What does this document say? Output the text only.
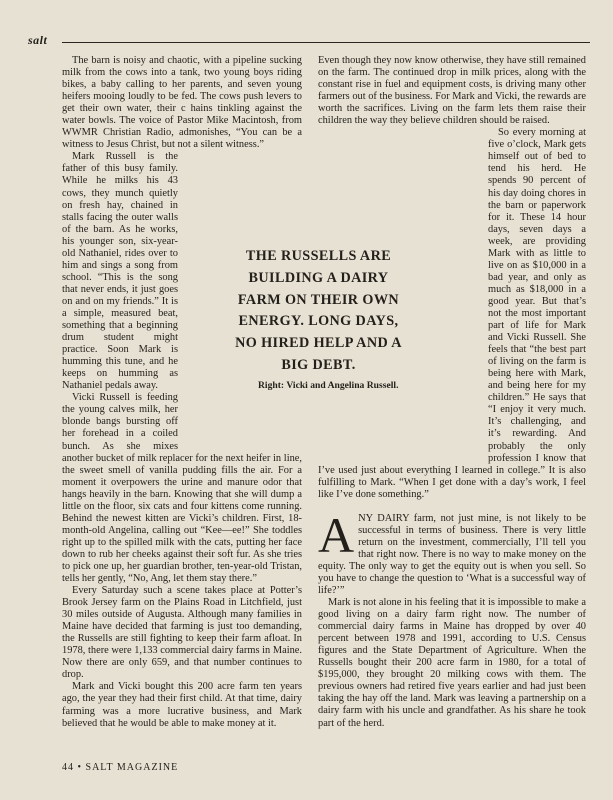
salt

The barn is noisy and chaotic, with a pipeline sucking milk from the cows into a tank, two young boys riding bikes, a baby calling to her parents, and seven young heifers mooing loudly to be fed. The cows push levers to get their own water, their c hains tinkling against the water bowls. The voice of Pastor Mike Macintosh, from WWMR Christian Radio, admonishes, “You can be a witness to Jesus Christ, but not a silent witness.”

Mark Russell is the father of this busy family. While he milks his 43 cows, they munch quietly on fresh hay, chained in stalls facing the outer walls of the barn. As he works, his younger son, six-year-old Nathaniel, rides over to him and sings a song from school. “This is the song that never ends, it just goes on and on my friends.” It is a simple, measured beat, something that a beginning drum student might practice. Soon Mark is humming this tune, and he keeps on humming as Nathaniel pedals away.

Vicki Russell is feeding the young calves milk, her blonde bangs bursting off her forehead in a coiled bunch. As she mixes another bucket of milk replacer for the next heifer in line, the sweet smell of vanilla pudding fills the air. For a moment it overpowers the urine and manure odor that hangs heavily in the barn. Knowing that she will dump a little on the floor, six cats and four kittens come running. Behind the newest kitten are Vicki’s children. First, 18-month-old Angelina, calling out “Kee—ee!” She toddles right up to the spilled milk with the cats, putting her face down to rub her cheeks against their soft fur. As she tries to pick one up, her guardian brother, ten-year-old Tristan, tells her gently, “No, Ang, let them stay there.”

Every Saturday such a scene takes place at Potter’s Brook Jersey farm on the Plains Road in Litchfield, just 30 miles outside of Augusta. Although many families in Maine have decided that farming is just too demanding, the Russells are still fighting to keep their farm afloat. In 1978, there were 1,133 commercial dairy farms in Maine. Now there are only 659, and that number continues to drop.

Mark and Vicki bought this 200 acre farm ten years ago, the year they had their first child. At that time, dairy farming was a more lucrative business, and Mark believed that he would be able to make money at it.

Even though they now know otherwise, they have still remained on the farm. The continued drop in milk prices, along with the constant rise in fuel and equipment costs, is driving many other farmers out of the business. For Mark and Vicki, the rewards are worth the sacrifices. Living on the farm lets them raise their children the way they believe children should be raised.

So every morning at five o’clock, Mark gets himself out of bed to tend his herd. He spends 90 percent of his day doing chores in the barn or paperwork for it. These 14 hour days, seven days a week, are providing Mark with as little to live on as $10,000 in a bad year, and only as much as $18,000 in a good year. But that’s not the most important part of life for Mark and Vicki Russell. She feels that “the best part of living on the farm is being here with Mark, and being here for my children.” He says that “I enjoy it very much. It’s challenging, and it’s rewarding. And probably the only profession I know that I’ve used just about everything I learned in college.” It is also fulfilling to Mark. “When I get done with a day’s work, I feel like I’ve done something.”

ANY DAIRY farm, not just mine, is not likely to be successful in terms of business. There is very little return on the investment, commercially, I’ll tell you that right now. There is no way to make money on the equity. The only way to get the equity out is when you sell. So you have to change the question to ‘What is a successful way of life?’”

Mark is not alone in his feeling that it is impossible to make a good living on a dairy farm right now. The number of commercial dairy farms in Maine has dropped by over 40 percent between 1978 and 1991, according to U.S. Census figures and the State Department of Agriculture. When the Russells bought their 200 acre farm in 1980, for a total of $195,000, they brought 20 milking cows with them. The previous owners had retired five years earlier and had just been taking the hay off the land. Mark was leaving a partnership on a dairy farm with his uncle and grandfather. As his share he took part of the herd.

THE RUSSELLS ARE BUILDING A DAIRY FARM ON THEIR OWN ENERGY. LONG DAYS, NO HIRED HELP AND A BIG DEBT.
Right: Vicki and Angelina Russell.
44 • SALT MAGAZINE
